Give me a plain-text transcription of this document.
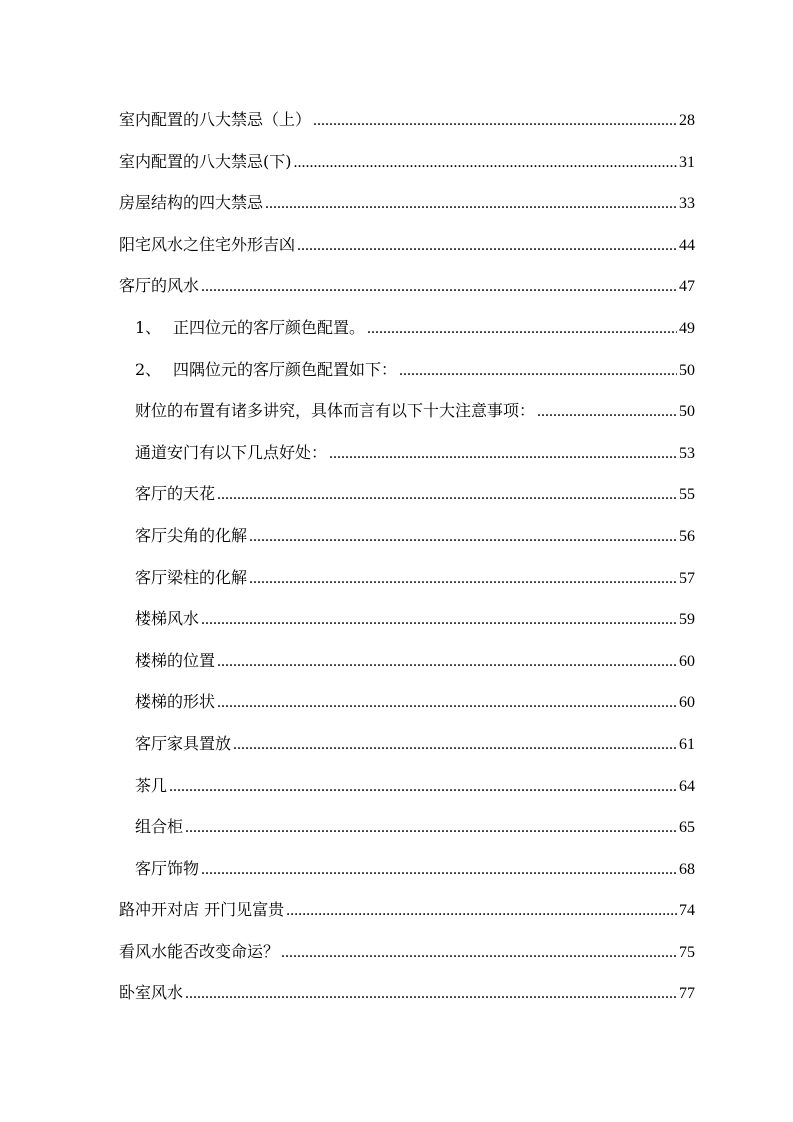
室内配置的八大禁忌（上） .....	28
室内配置的八大禁忌(下) .....	31
房屋结构的四大禁忌 .....	33
阳宅风水之住宅外形吉凶 .....	44
客厅的风水 .....	47
1、 正四位元的客厅颜色配置。 .....	49
2、 四隅位元的客厅颜色配置如下： .....	50
财位的布置有诸多讲究，具体而言有以下十大注意事项： .....	50
通道安门有以下几点好处： .....	53
客厅的天花 .....	55
客厅尖角的化解 .....	56
客厅梁柱的化解 .....	57
楼梯风水 .....	59
楼梯的位置 .....	60
楼梯的形状 .....	60
客厅家具置放 .....	61
茶几 .....	64
组合柜 .....	65
客厅饰物 .....	68
路冲开对店 开门见富贵 .....	74
看风水能否改变命运？ .....	75
卧室风水 .....	77
